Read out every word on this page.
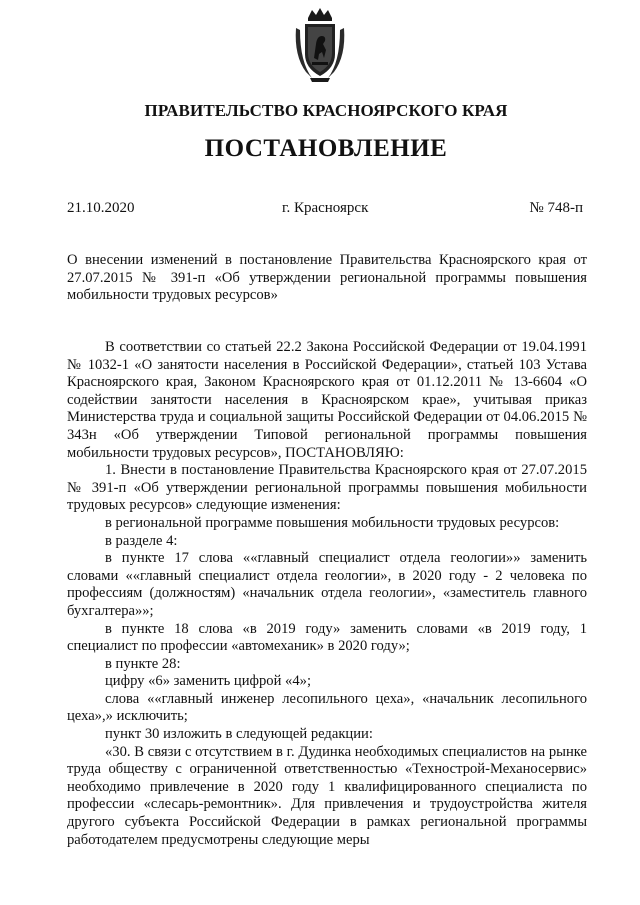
ПРАВИТЕЛЬСТВО КРАСНОЯРСКОГО КРАЯ
ПОСТАНОВЛЕНИЕ
21.10.2020	г. Красноярск	№ 748-п
О внесении изменений в постановление Правительства Красноярского края от 27.07.2015 № 391-п «Об утверждении региональной программы повышения мобильности трудовых ресурсов»

В соответствии со статьей 22.2 Закона Российской Федерации от 19.04.1991 № 1032-1 «О занятости населения в Российской Федерации», статьей 103 Устава Красноярского края, Законом Красноярского края от 01.12.2011 № 13-6604 «О содействии занятости населения в Красноярском крае», учитывая приказ Министерства труда и социальной защиты Российской Федерации от 04.06.2015 № 343н «Об утверждении Типовой региональной программы повышения мобильности трудовых ресурсов», ПОСТАНОВЛЯЮ:

1. Внести в постановление Правительства Красноярского края от 27.07.2015 № 391-п «Об утверждении региональной программы повышения мобильности трудовых ресурсов» следующие изменения:

в региональной программе повышения мобильности трудовых ресурсов:

в разделе 4:

в пункте 17 слова ««главный специалист отдела геологии»» заменить словами ««главный специалист отдела геологии», в 2020 году - 2 человека по профессиям (должностям) «начальник отдела геологии», «заместитель главного бухгалтера»»;

в пункте 18 слова «в 2019 году» заменить словами «в 2019 году, 1 специалист по профессии «автомеханик» в 2020 году»;

в пункте 28:

цифру «6» заменить цифрой «4»;

слова ««главный инженер лесопильного цеха», «начальник лесопильного цеха»,» исключить;

пункт 30 изложить в следующей редакции:

«30. В связи с отсутствием в г. Дудинка необходимых специалистов на рынке труда обществу с ограниченной ответственностью «Технострой-Механосервис» необходимо привлечение в 2020 году 1 квалифицированного специалиста по профессии «слесарь-ремонтник». Для привлечения и трудоустройства жителя другого субъекта Российской Федерации в рамках региональной программы работодателем предусмотрены следующие меры
